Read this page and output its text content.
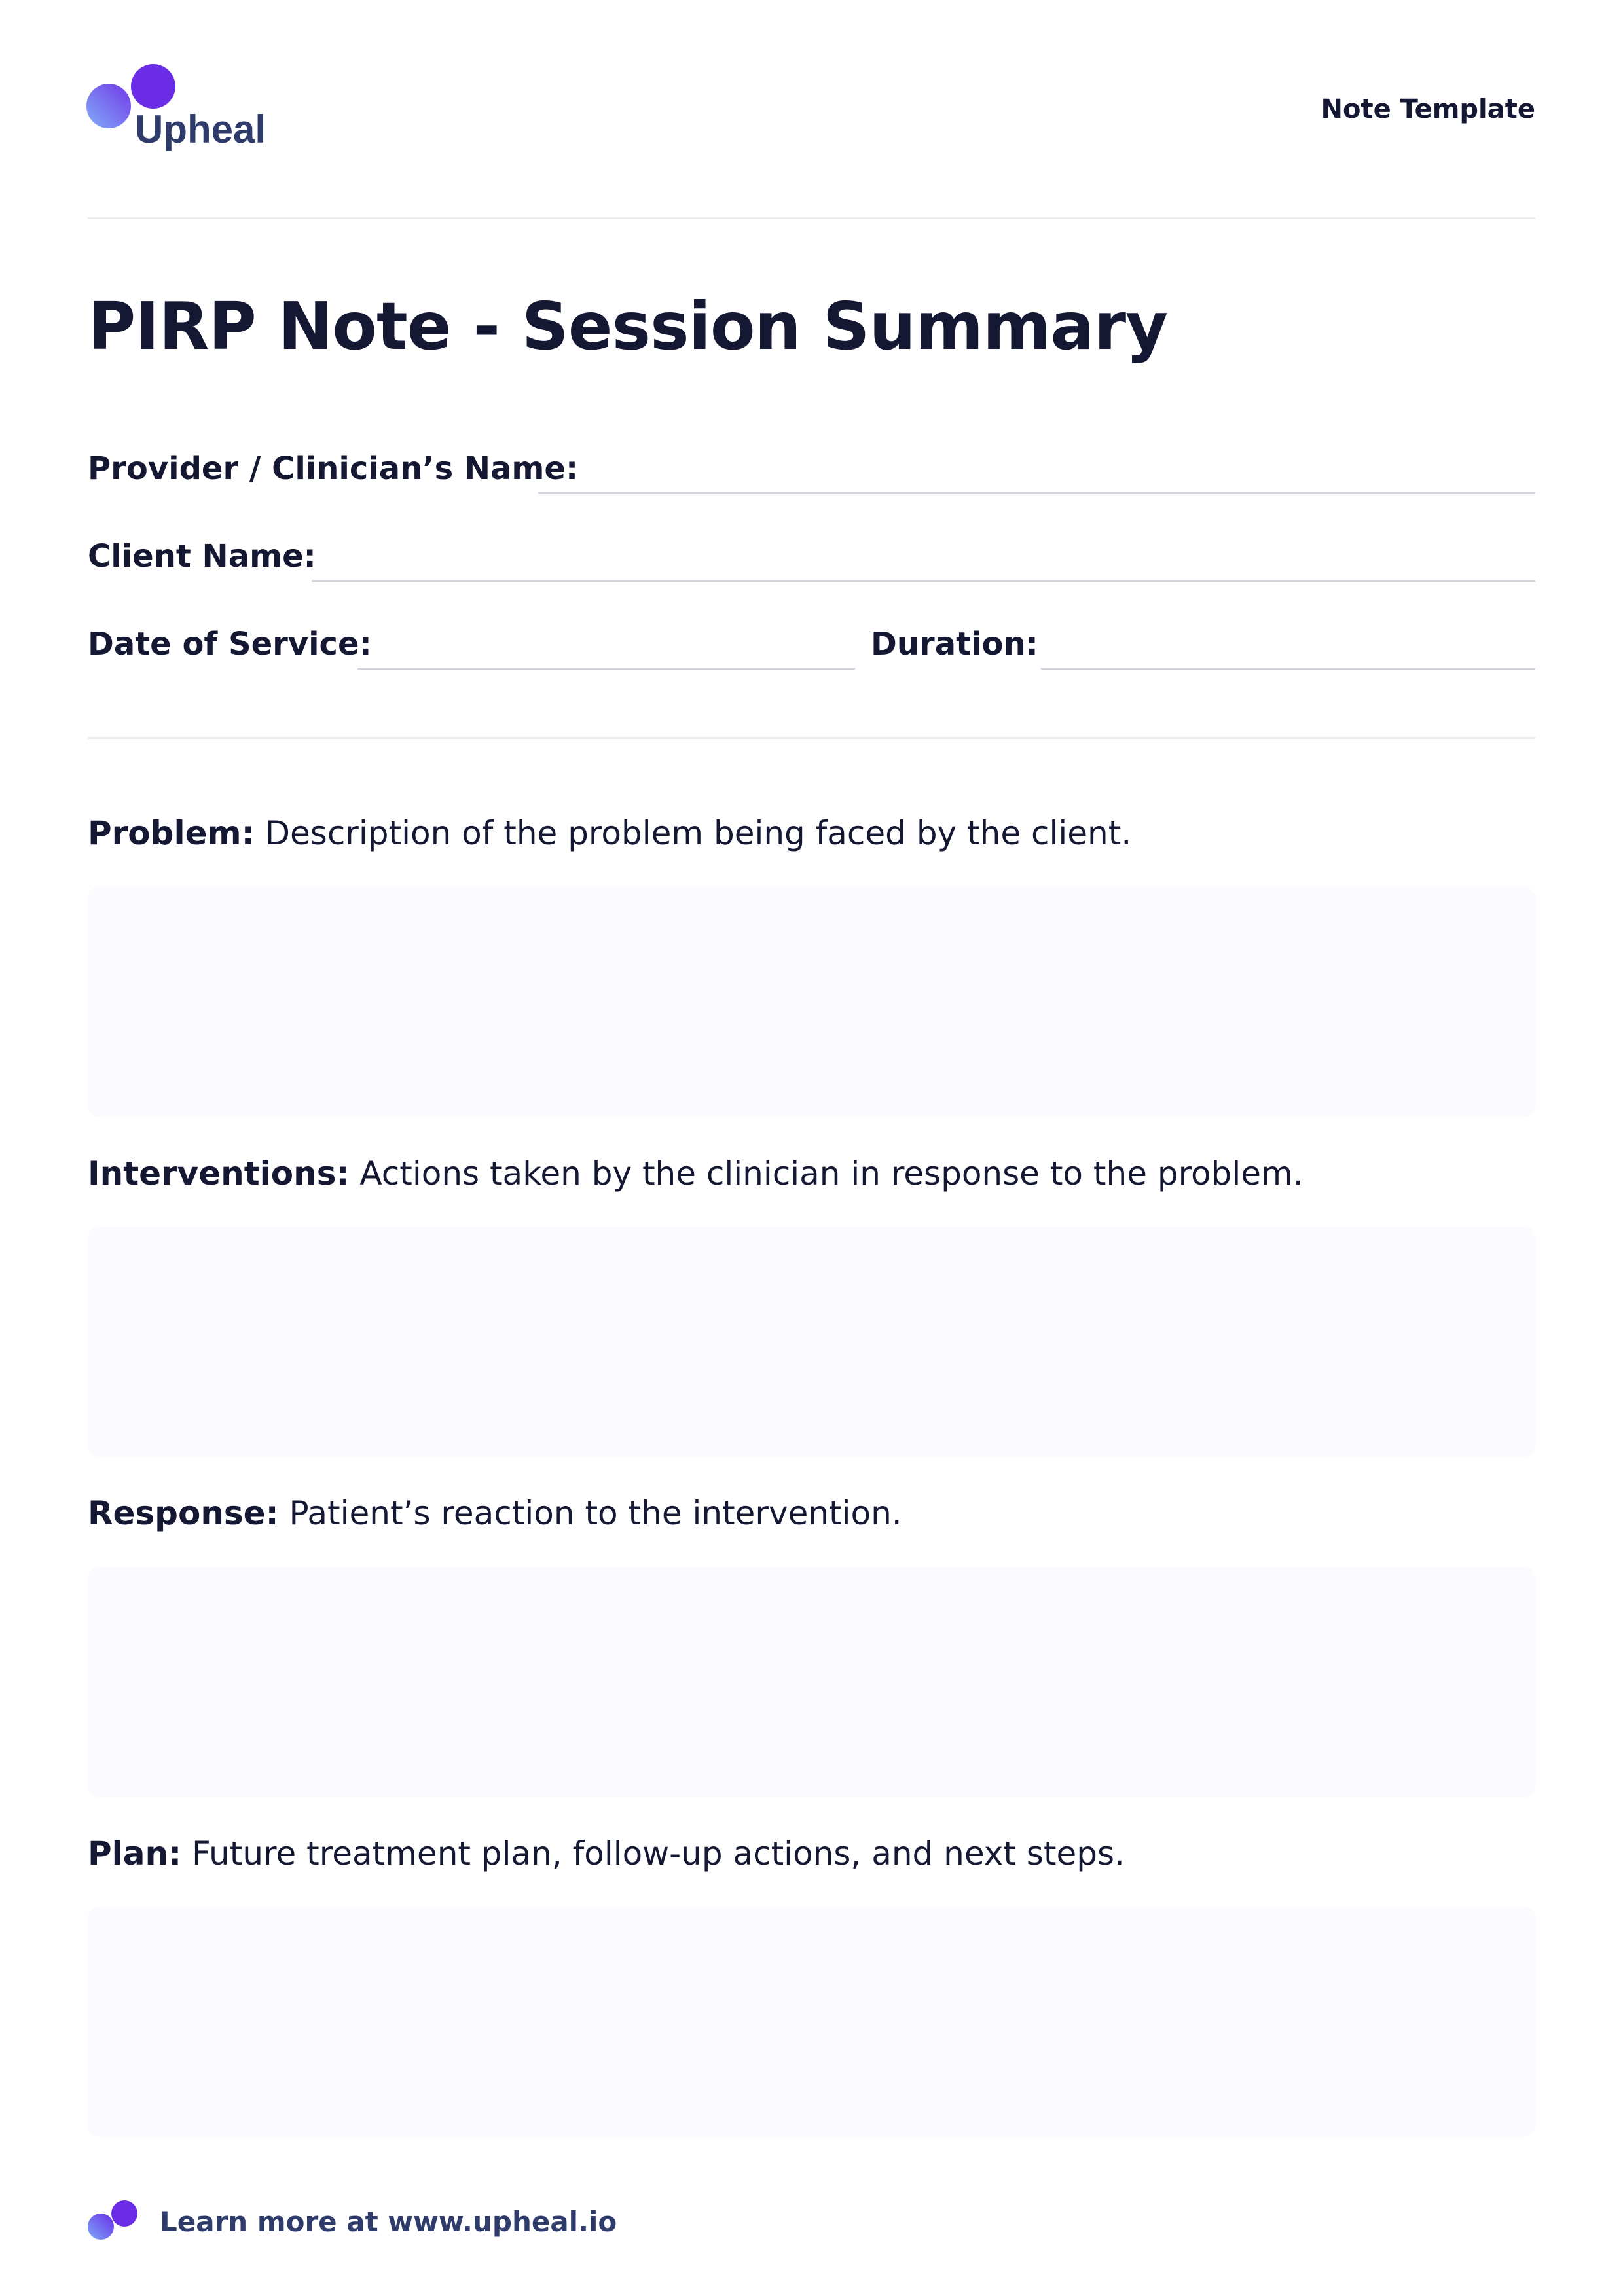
Upheal	Note Template
PIRP Note - Session Summary
Provider / Clinician’s Name:
Client Name:
Date of Service:	Duration:
Problem: Description of the problem being faced by the client.
Interventions: Actions taken by the clinician in response to the problem.
Response: Patient’s reaction to the intervention.
Plan: Future treatment plan, follow-up actions, and next steps.
Learn more at www.upheal.io
